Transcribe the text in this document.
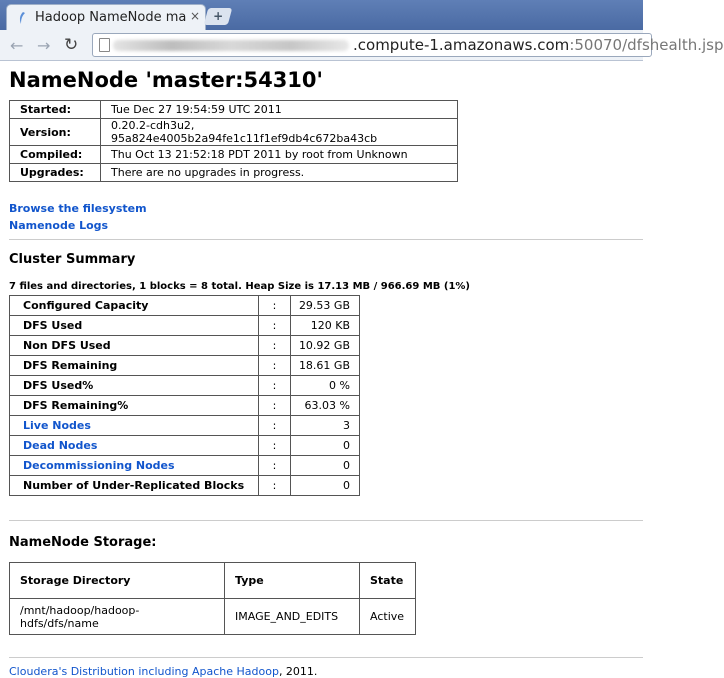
Hadoop NameNode ma ×	+
← → ↻	.compute-1.amazonaws.com:50070/dfshealth.jsp
NameNode 'master:54310'
Started:	Tue Dec 27 19:54:59 UTC 2011
Version:	0.20.2-cdh3u2, 95a824e4005b2a94fe1c11f1ef9db4c672ba43cb
Compiled:	Thu Oct 13 21:52:18 PDT 2011 by root from Unknown
Upgrades:	There are no upgrades in progress.
Browse the filesystem
Namenode Logs
Cluster Summary
7 files and directories, 1 blocks = 8 total. Heap Size is 17.13 MB / 966.69 MB (1%)
Configured Capacity	:	29.53 GB
DFS Used	:	120 KB
Non DFS Used	:	10.92 GB
DFS Remaining	:	18.61 GB
DFS Used%	:	0 %
DFS Remaining%	:	63.03 %
Live Nodes	:	3
Dead Nodes	:	0
Decommissioning Nodes	:	0
Number of Under-Replicated Blocks	:	0
NameNode Storage:
Storage Directory	Type	State
/mnt/hadoop/hadoop-hdfs/dfs/name	IMAGE_AND_EDITS	Active
Cloudera's Distribution including Apache Hadoop, 2011.
